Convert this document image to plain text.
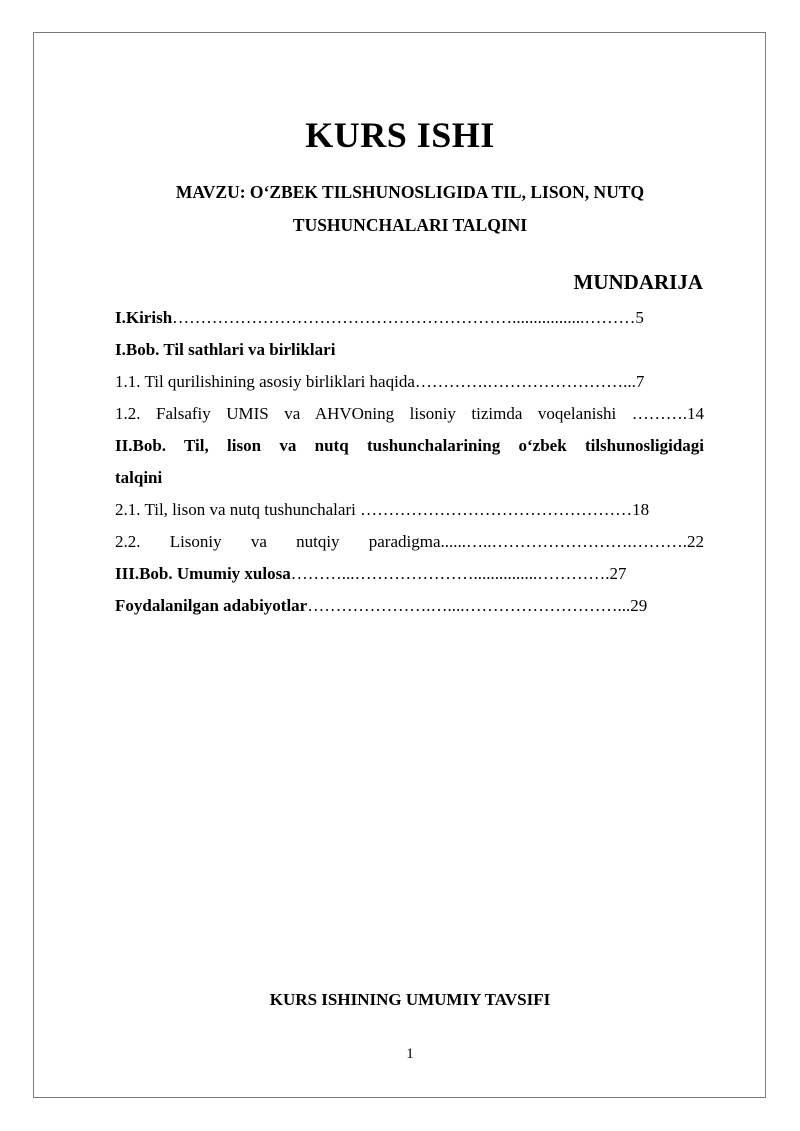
KURS ISHI
MAVZU: O‘ZBEK TILSHUNOSLIGIDA TIL, LISON, NUTQ
TUSHUNCHALARI TALQINI
MUNDARIJA
I.Kirish…………………………………………………….................………5
I.Bob. Til sathlari va birliklari
1.1. Til qurilishining asosiy birliklari haqida………….……………………...7
1.2. Falsafiy UMIS va AHVOning lisoniy tizimda voqelanishi ……….14
II.Bob. Til, lison va nutq tushunchalarining o‘zbek tilshunosligidagi
talqini
2.1. Til, lison va nutq tushunchalari …………………………………………18
2.2. Lisoniy va nutqiy paradigma......…..…………………….……….22
III.Bob. Umumiy xulosa………...…………………...............………….27
Foydalanilgan adabiyotlar………………….…....………………………...29
KURS ISHINING UMUMIY TAVSIFI
1
